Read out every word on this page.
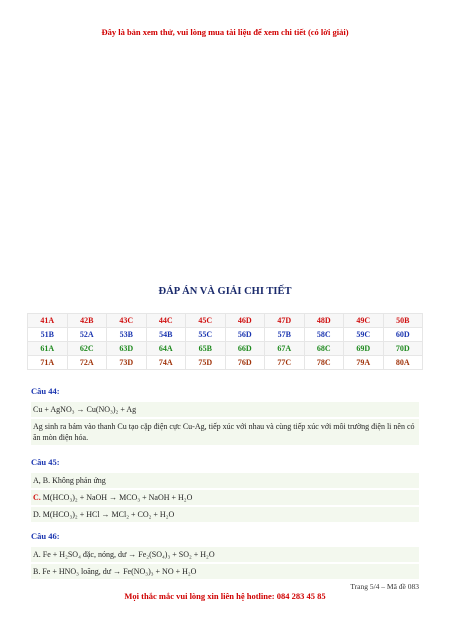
Đây là bản xem thử, vui lòng mua tài liệu để xem chi tiết (có lời giải)
ĐÁP ÁN VÀ GIẢI CHI TIẾT
41A	42B	43C	44C	45C	46D	47D	48D	49C	50B
51B	52A	53B	54B	55C	56D	57B	58C	59C	60D
61A	62C	63D	64A	65B	66D	67A	68C	69D	70D
71A	72A	73D	74A	75D	76D	77C	78C	79A	80A
Câu 44:
Cu + AgNO₃ → Cu(NO₃)₂ + Ag
Ag sinh ra bám vào thanh Cu tạo cặp điện cực Cu-Ag, tiếp xúc với nhau và cùng tiếp xúc với môi trường điện li nên có ăn mòn điện hóa.
Câu 45:
A, B. Không phản ứng
C. M(HCO₃)₂ + NaOH → MCO₃ + NaOH + H₂O
D. M(HCO₃)₂ + HCl → MCl₂ + CO₂ + H₂O
Câu 46:
A. Fe + H₂SO₄ đặc, nóng, dư → Fe₂(SO₄)₃ + SO₂ + H₂O
B. Fe + HNO₃ loãng, dư → Fe(NO₃)₃ + NO + H₂O
Trang 5/4 – Mã đề 083
Mọi thắc mắc vui lòng xin liên hệ hotline: 084 283 45 85
